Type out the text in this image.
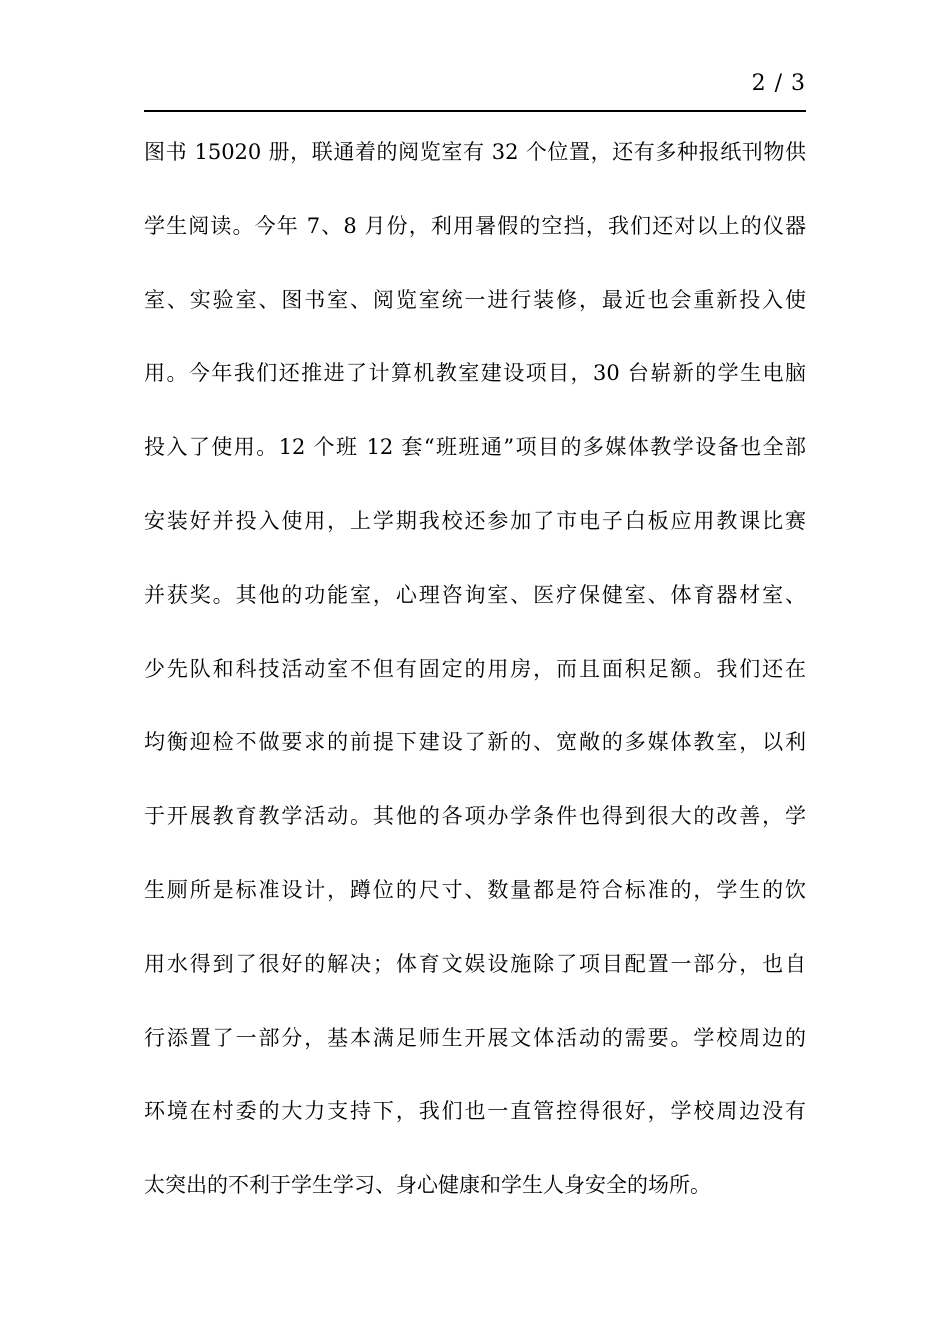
2 / 3
图书 15020 册，联通着的阅览室有 32 个位置，还有多种报纸刊物供
学生阅读。今年 7、8 月份，利用暑假的空挡，我们还对以上的仪器
室、实验室、图书室、阅览室统一进行装修，最近也会重新投入使
用。今年我们还推进了计算机教室建设项目，30 台崭新的学生电脑
投入了使用。12 个班 12 套“班班通”项目的多媒体教学设备也全部
安装好并投入使用，上学期我校还参加了市电子白板应用教课比赛
并获奖。其他的功能室，心理咨询室、医疗保健室、体育器材室、
少先队和科技活动室不但有固定的用房，而且面积足额。我们还在
均衡迎检不做要求的前提下建设了新的、宽敞的多媒体教室，以利
于开展教育教学活动。其他的各项办学条件也得到很大的改善，学
生厕所是标准设计，蹲位的尺寸、数量都是符合标准的，学生的饮
用水得到了很好的解决；体育文娱设施除了项目配置一部分，也自
行添置了一部分，基本满足师生开展文体活动的需要。学校周边的
环境在村委的大力支持下，我们也一直管控得很好，学校周边没有
太突出的不利于学生学习、身心健康和学生人身安全的场所。
